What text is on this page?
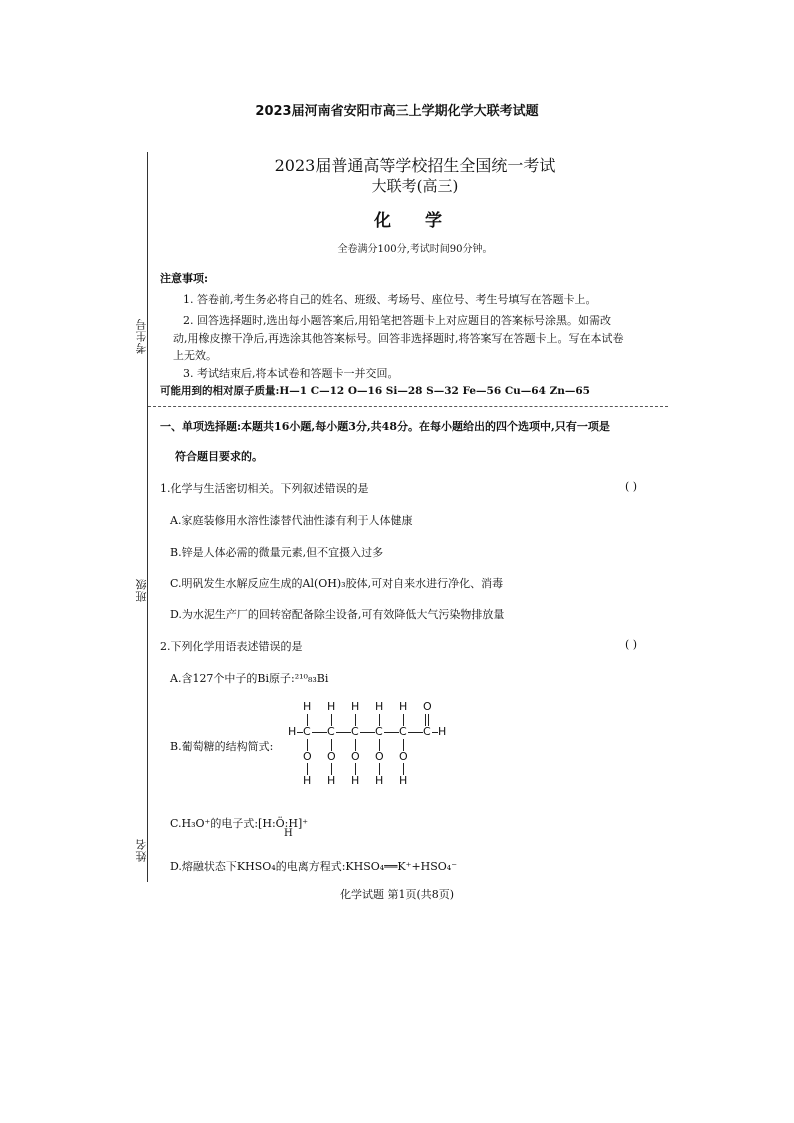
2023届河南省安阳市高三上学期化学大联考试题
考生号
班级
姓名
2023届普通高等学校招生全国统一考试
大联考(高三)
化 学
全卷满分100分,考试时间90分钟。
注意事项:
1. 答卷前,考生务必将自己的姓名、班级、考场号、座位号、考生号填写在答题卡上。
2. 回答选择题时,选出每小题答案后,用铅笔把答题卡上对应题目的答案标号涂黑。如需改
动,用橡皮擦干净后,再选涂其他答案标号。回答非选择题时,将答案写在答题卡上。写在本试卷
上无效。
3. 考试结束后,将本试卷和答题卡一并交回。
可能用到的相对原子质量:H—1 C—12 O—16 Si—28 S—32 Fe—56 Cu—64 Zn—65
一、单项选择题:本题共16小题,每小题3分,共48分。在每小题给出的四个选项中,只有一项是
符合题目要求的。
1.化学与生活密切相关。下列叙述错误的是	( )
A.家庭装修用水溶性漆替代油性漆有利于人体健康
B.锌是人体必需的微量元素,但不宜摄入过多
C.明矾发生水解反应生成的Al(OH)₃胶体,可对自来水进行净化、消毒
D.为水泥生产厂的回转窑配备除尘设备,可有效降低大气污染物排放量
2.下列化学用语表述错误的是	( )
A.含127个中子的Bi原子:²¹⁰₈₃Bi
B.葡萄糖的结构简式:
H H H H H O
H C C C C C C H
O O O O O
H H H H H
C.H₃O⁺的电子式:[H:Ö:H]⁺
H
D.熔融状态下KHSO₄的电离方程式:KHSO₄══K⁺+HSO₄⁻
化学试题 第1页(共8页)
